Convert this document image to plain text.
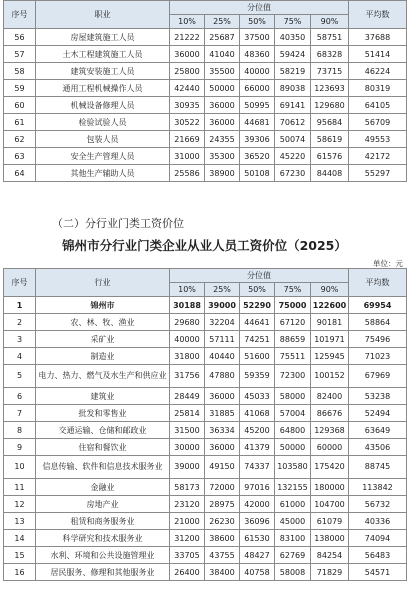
序号	职业	分位值					平均数
		10%	25%	50%	75%	90%	
56	房屋建筑施工人员	21222	25687	37500	40350	58751	37688
57	土木工程建筑施工人员	36000	41040	48360	59424	68328	51414
58	建筑安装施工人员	25800	35500	40000	58219	73715	46224
59	通用工程机械操作人员	42440	50000	66000	89038	123693	80319
60	机械设备修理人员	30935	36000	50995	69141	129680	64105
61	检验试验人员	30522	36000	44681	70612	95684	56709
62	包装人员	21669	24355	39306	50074	58619	49553
63	安全生产管理人员	31000	35300	36520	45220	61576	42172
64	其他生产辅助人员	25586	38900	50108	67230	84408	55297
（二）分行业门类工资价位
锦州市分行业门类企业从业人员工资价位（2025）
单位：元
序号	行业	分位值					平均数
		10%	25%	50%	75%	90%	
1	锦州市	30188	39000	52290	75000	122600	69954
2	农、林、牧、渔业	29680	32204	44641	67120	90181	58864
3	采矿业	40000	57111	74251	88659	101971	75496
4	制造业	31800	40440	51600	75511	125945	71023
5	电力、热力、燃气及水生产和供应业	31756	47880	59359	72300	100152	67969
6	建筑业	28449	36000	45033	58000	82400	53238
7	批发和零售业	25814	31885	41068	57004	86676	52494
8	交通运输、仓储和邮政业	31500	36334	45200	64800	129368	63649
9	住宿和餐饮业	30000	36000	41379	50000	60000	43506
10	信息传输、软件和信息技术服务业	39000	49150	74337	103580	175420	88745
11	金融业	58173	72000	97016	132155	180000	113842
12	房地产业	23120	28975	42000	61000	104700	56732
13	租赁和商务服务业	21000	26230	36096	45000	61079	40336
14	科学研究和技术服务业	31200	38600	61530	83100	138000	74094
15	水利、环境和公共设施管理业	33705	43755	48427	62769	84254	56483
16	居民服务、修理和其他服务业	26400	38400	40758	58008	71829	54571
